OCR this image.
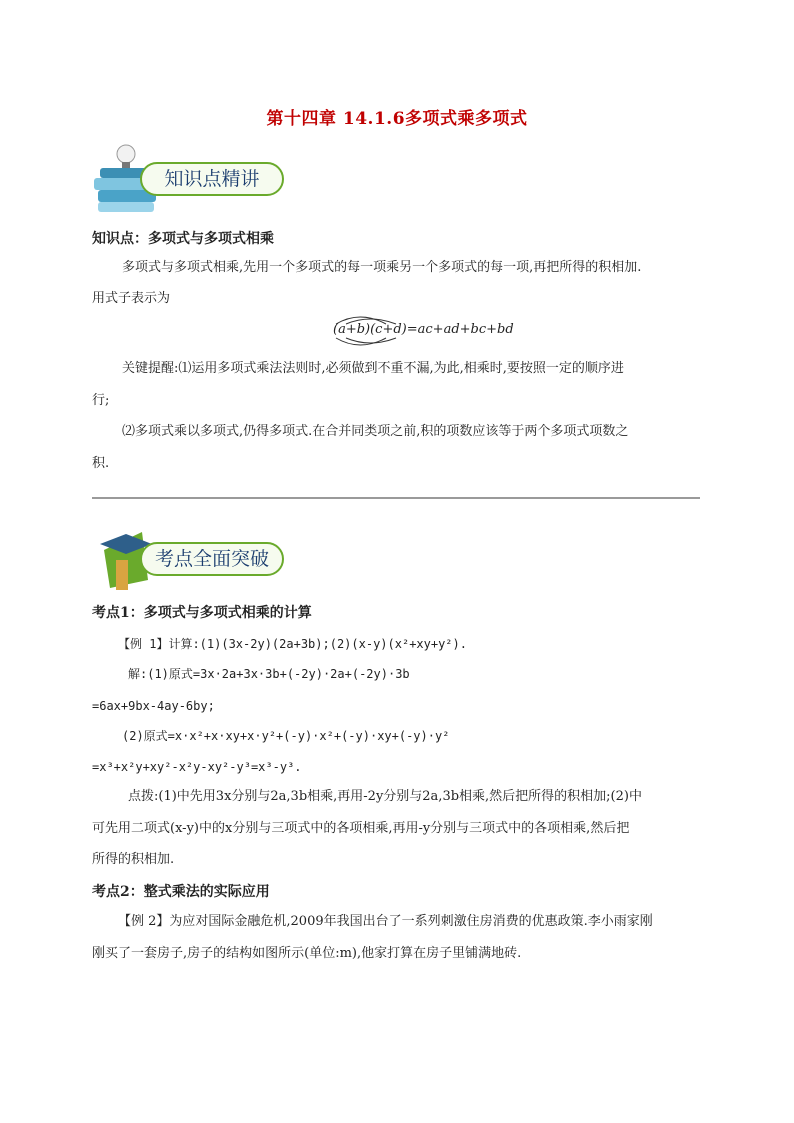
第十四章 14.1.6多项式乘多项式
知识点精讲
知识点：多项式与多项式相乘
多项式与多项式相乘,先用一个多项式的每一项乘另一个多项式的每一项,再把所得的积相加.
用式子表示为
(a+b)(c+d)=ac+ad+bc+bd
关键提醒:⑴运用多项式乘法法则时,必须做到不重不漏,为此,相乘时,要按照一定的顺序进
行;
⑵多项式乘以多项式,仍得多项式.在合并同类项之前,积的项数应该等于两个多项式项数之
积.
考点全面突破
考点1：多项式与多项式相乘的计算
【例 1】计算:(1)(3x-2y)(2a+3b);(2)(x-y)(x²+xy+y²).
解:(1)原式=3x·2a+3x·3b+(-2y)·2a+(-2y)·3b
=6ax+9bx-4ay-6by;
(2)原式=x·x²+x·xy+x·y²+(-y)·x²+(-y)·xy+(-y)·y²
=x³+x²y+xy²-x²y-xy²-y³=x³-y³.
点拨:(1)中先用3x分别与2a,3b相乘,再用-2y分别与2a,3b相乘,然后把所得的积相加;(2)中
可先用二项式(x-y)中的x分别与三项式中的各项相乘,再用-y分别与三项式中的各项相乘,然后把
所得的积相加.
考点2：整式乘法的实际应用
【例 2】为应对国际金融危机,2009年我国出台了一系列刺激住房消费的优惠政策.李小雨家刚
刚买了一套房子,房子的结构如图所示(单位:m),他家打算在房子里铺满地砖.
